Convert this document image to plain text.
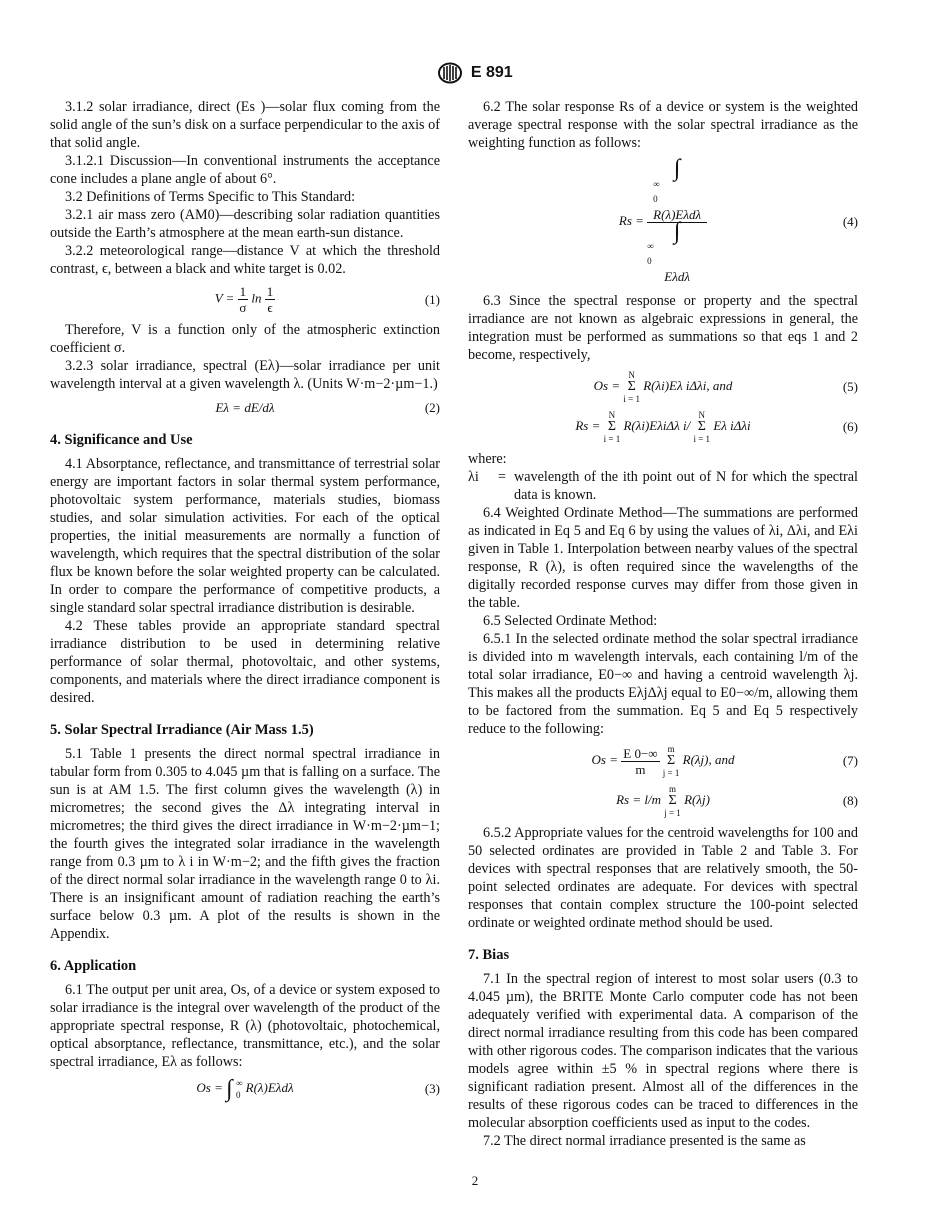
E 891

3.1.2 solar irradiance, direct (Es )—solar flux coming from the solid angle of the sun’s disk on a surface perpendicular to the axis of that solid angle.

3.1.2.1 Discussion—In conventional instruments the acceptance cone includes a plane angle of about 6°.

3.2 Definitions of Terms Specific to This Standard:

3.2.1 air mass zero (AM0)—describing solar radiation quantities outside the Earth’s atmosphere at the mean earth-sun distance.

3.2.2 meteorological range—distance V at which the threshold contrast, ϵ, between a black and white target is 0.02.

$V = \frac{1}{\sigma}$ $\ln \frac{1}{\epsilon}$	(1)

Therefore, V is a function only of the atmospheric extinction coefficient σ.

3.2.3 solar irradiance, spectral (Eλ)—solar irradiance per unit wavelength interval at a given wavelength λ. (Units W·m−2·µm−1.)

Eλ = dE/dλ	(2)
4. Significance and Use

4.1 Absorptance, reflectance, and transmittance of terrestrial solar energy are important factors in solar thermal system performance, photovoltaic system performance, materials studies, biomass studies, and solar simulation activities. For each of the optical properties, the initial measurements are normally a function of wavelength, which requires that the spectral distribution of the solar flux be known before the solar weighted property can be calculated. In order to compare the performance of competitive products, a single standard solar spectral irradiance distribution is desirable.

4.2 These tables provide an appropriate standard spectral irradiance distribution to be used in determining relative performance of solar thermal, photovoltaic, and other systems, components, and materials where the direct irradiance component is desired.

5. Solar Spectral Irradiance (Air Mass 1.5)

5.1 Table 1 presents the direct normal spectral irradiance in tabular form from 0.305 to 4.045 µm that is falling on a surface. The sun is at AM 1.5. The first column gives the wavelength (λ) in micrometres; the second gives the Δλ integrating interval in micrometres; the third gives the direct irradiance in W·m−2·µm−1; the fourth gives the integrated solar irradiance in the wavelength range from 0.3 µm to λ i in W·m−2; and the fifth gives the fraction of the direct normal solar irradiance in the wavelength range 0 to λi. There is an insignificant amount of radiation reaching the earth’s surface below 0.3 µm. A plot of the results is shown in the Appendix.

6. Application

6.1 The output per unit area, Os, of a device or system exposed to solar irradiance is the integral over wavelength of the product of the appropriate spectral response, R (λ) (photovoltaic, photochemical, optical absorptance, reflectance, transmittance, etc.), and the solar spectral irradiance, Eλ as follows:

Os = ∫ ∞
0
R(λ)Eλdλ	(3)

6.2 The solar response Rs of a device or system is the weighted average spectral response with the solar spectral irradiance as the weighting function as follows:

Rs = ∫
∞
0
R(λ)Eλdλ
∫
∞
0
Eλdλ	(4)

6.3 Since the spectral response or property and the spectral irradiance are not known as algebraic expressions in general, the integration must be performed as summations so that eqs 1 and 2 become, respectively,

Os = N
Σ
i = 1 R(λi)Eλ iΔλi, and	(5)
Rs = N
Σ
i = 1 R(λi)EλiΔλ i/ N
Σ
i = 1 Eλ iΔλi	(6)

where:

λi	= wavelength of the ith point out of N for which the spectral data is known.

6.4 Weighted Ordinate Method—The summations are performed as indicated in Eq 5 and Eq 6 by using the values of λi, Δλi, and Eλi given in Table 1. Interpolation between nearby values of the spectral response, R (λ), is often required since the wavelengths of the digitally recorded response curves may differ from those given in the table.

6.5 Selected Ordinate Method:

6.5.1 In the selected ordinate method the solar spectral irradiance is divided into m wavelength intervals, each containing l/m of the total solar irradiance, E0−∞ and having a centroid wavelength λj. This makes all the products EλjΔλj equal to E0−∞/m, allowing them to be factored from the summation. Eq 5 and Eq 5 respectively reduce to the following:

$Os = \frac{E 0-\infty}{m}$ m
Σ
j = 1 R(λj), and	(7)
Rs = l/m m
Σ
j = 1 R(λj)	(8)

6.5.2 Appropriate values for the centroid wavelengths for 100 and 50 selected ordinates are provided in Table 2 and Table 3. For devices with spectral responses that are relatively smooth, the 50-point selected ordinates are adequate. For devices with spectral responses that contain complex structure the 100-point selected ordinate or weighted ordinate method should be used.

7. Bias

7.1 In the spectral region of interest to most solar users (0.3 to 4.045 µm), the BRITE Monte Carlo computer code has not been adequately verified with experimental data. A comparison of the direct normal irradiance resulting from this code has been compared with other rigorous codes. The comparison indicates that the various models agree within ±5 % in spectral regions where there is significant radiation present. Almost all of the differences in the results of these rigorous codes can be traced to differences in the molecular absorption coefficients used as input to the codes.

7.2 The direct normal irradiance presented is the same as

2
